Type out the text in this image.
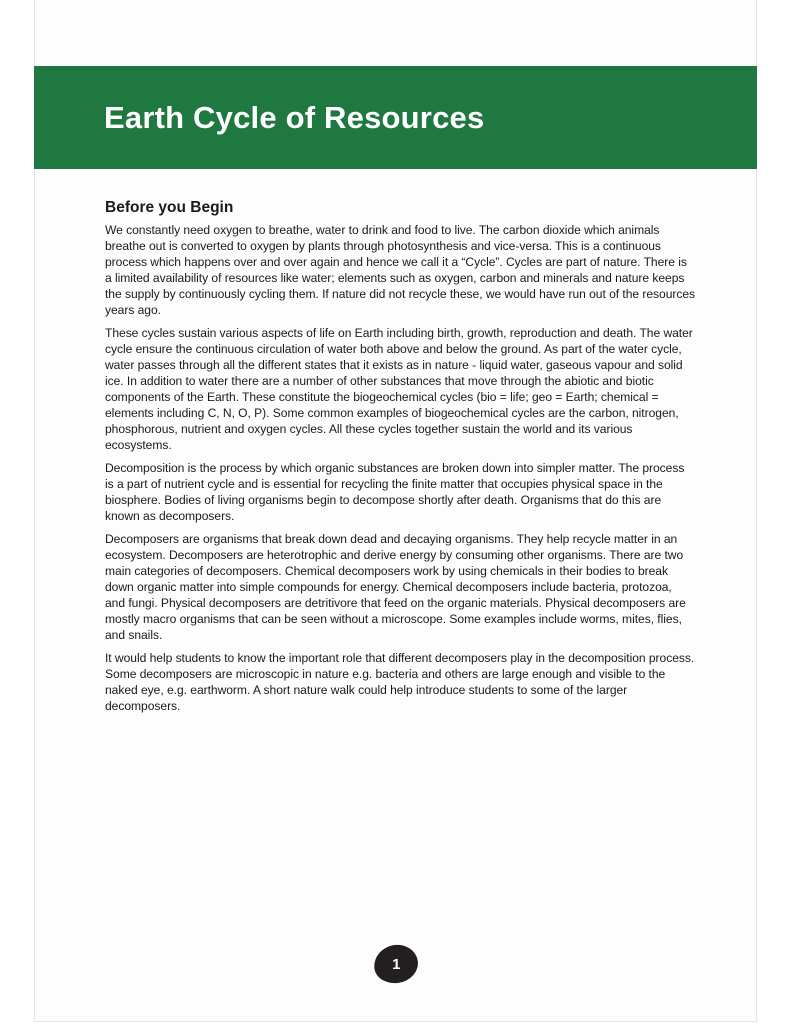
Earth Cycle of Resources
Before you Begin

We constantly need oxygen to breathe, water to drink and food to live. The carbon dioxide which animals breathe out is converted to oxygen by plants through photosynthesis and vice-versa. This is a continuous process which happens over and over again and hence we call it a “Cycle”. Cycles are part of nature. There is a limited availability of resources like water; elements such as oxygen, carbon and minerals and nature keeps the supply by continuously cycling them. If nature did not recycle these, we would have run out of the resources years ago.

These cycles sustain various aspects of life on Earth including birth, growth, reproduction and death. The water cycle ensure the continuous circulation of water both above and below the ground. As part of the water cycle, water passes through all the different states that it exists as in nature - liquid water, gaseous vapour and solid ice. In addition to water there are a number of other substances that move through the abiotic and biotic components of the Earth. These constitute the biogeochemical cycles (bio = life; geo = Earth; chemical = elements including C, N, O, P). Some common examples of biogeochemical cycles are the carbon, nitrogen, phosphorous, nutrient and oxygen cycles. All these cycles together sustain the world and its various ecosystems.

Decomposition is the process by which organic substances are broken down into simpler matter. The process is a part of nutrient cycle and is essential for recycling the finite matter that occupies physical space in the biosphere. Bodies of living organisms begin to decompose shortly after death. Organisms that do this are known as decomposers.

Decomposers are organisms that break down dead and decaying organisms. They help recycle matter in an ecosystem. Decomposers are heterotrophic and derive energy by consuming other organisms. There are two main categories of decomposers. Chemical decomposers work by using chemicals in their bodies to break down organic matter into simple compounds for energy. Chemical decomposers include bacteria, protozoa, and fungi. Physical decomposers are detritivore that feed on the organic materials. Physical decomposers are mostly macro organisms that can be seen without a microscope. Some examples include worms, mites, flies, and snails.

It would help students to know the important role that different decomposers play in the decomposition process. Some decomposers are microscopic in nature e.g. bacteria and others are large enough and visible to the naked eye, e.g. earthworm. A short nature walk could help introduce students to some of the larger decomposers.

1
